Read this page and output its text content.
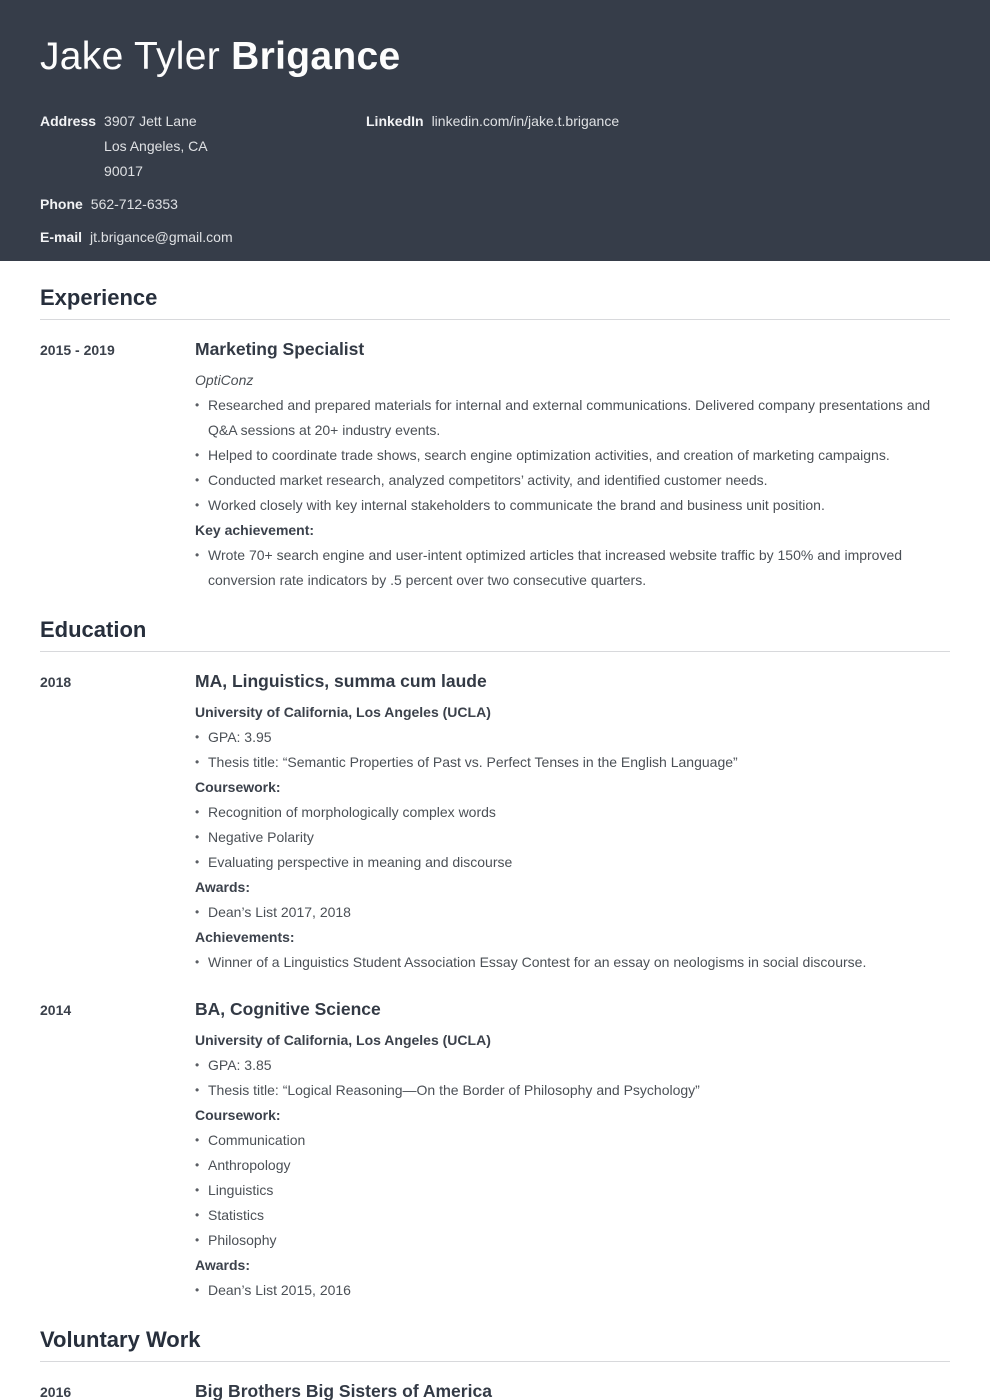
Jake Tyler Brigance
Address 3907 Jett Lane
Los Angeles, CA
90017
Phone 562-712-6353
E-mail jt.brigance@gmail.com
LinkedIn linkedin.com/in/jake.t.brigance
Experience
2015 - 2019	Marketing Specialist

OptiConz

• Researched and prepared materials for internal and external communications. Delivered company presentations and Q&A sessions at 20+ industry events.
• Helped to coordinate trade shows, search engine optimization activities, and creation of marketing campaigns.
• Conducted market research, analyzed competitors’ activity, and identified customer needs.
• Worked closely with key internal stakeholders to communicate the brand and business unit position.

Key achievement:

• Wrote 70+ search engine and user-intent optimized articles that increased website traffic by 150% and improved conversion rate indicators by .5 percent over two consecutive quarters.
Education
2018	MA, Linguistics, summa cum laude

University of California, Los Angeles (UCLA)

• GPA: 3.95
• Thesis title: “Semantic Properties of Past vs. Perfect Tenses in the English Language”

Coursework:

• Recognition of morphologically complex words
• Negative Polarity
• Evaluating perspective in meaning and discourse

Awards:

• Dean’s List 2017, 2018

Achievements:

• Winner of a Linguistics Student Association Essay Contest for an essay on neologisms in social discourse.
2014	BA, Cognitive Science

University of California, Los Angeles (UCLA)

• GPA: 3.85
• Thesis title: “Logical Reasoning—On the Border of Philosophy and Psychology”

Coursework:

• Communication
• Anthropology
• Linguistics
• Statistics
• Philosophy

Awards:

• Dean’s List 2015, 2016
Voluntary Work
2016	Big Brothers Big Sisters of America
